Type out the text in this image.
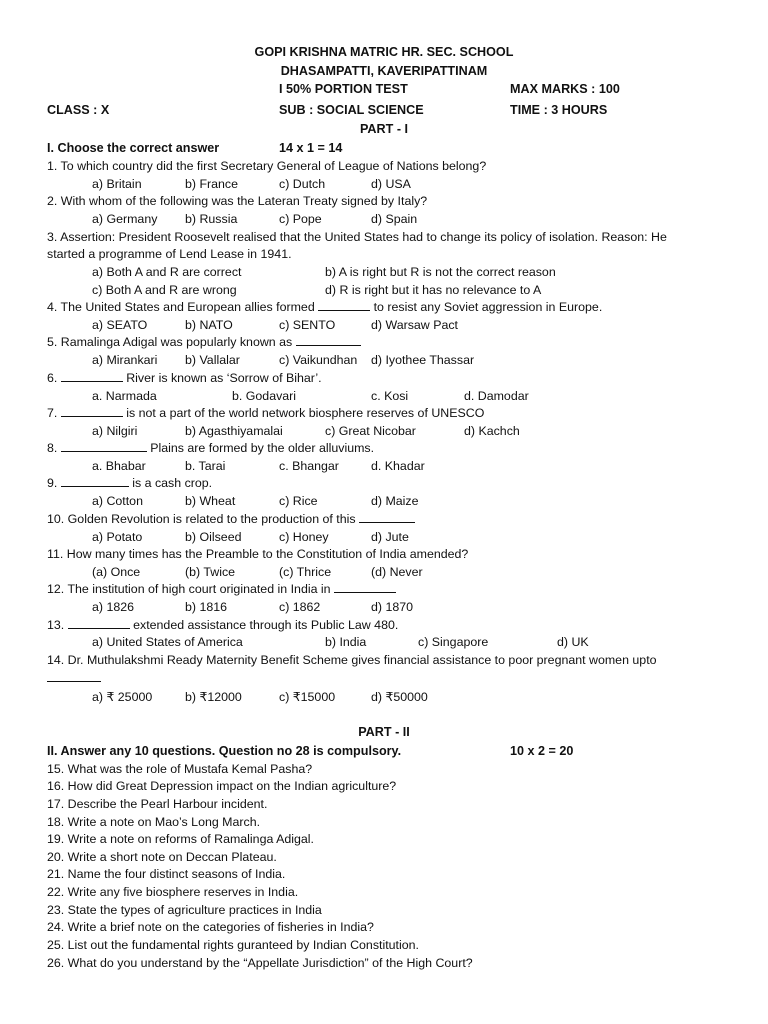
GOPI KRISHNA MATRIC HR. SEC. SCHOOL
DHASAMPATTI, KAVERIPATTINAM
I 50% PORTION TEST	MAX MARKS : 100
CLASS : X	SUB : SOCIAL SCIENCE	TIME : 3 HOURS
PART - I
I. Choose the correct answer	14 x 1 = 14
1. To which country did the first Secretary General of League of Nations belong?
a) Britain	b) France	c) Dutch	d) USA
2. With whom of the following was the Lateran Treaty signed by Italy?
a) Germany b) Russia	c) Pope	d) Spain
3. Assertion: President Roosevelt realised that the United States had to change its policy of isolation. Reason: He
started a programme of Lend Lease in 1941.
a) Both A and R are correct	b) A is right but R is not the correct reason
c) Both A and R are wrong	d) R is right but it has no relevance to A
4. The United States and European allies formed	to resist any Soviet aggression in Europe.
a) SEATO	b) NATO	c) SENTO	d) Warsaw Pact
5. Ramalinga Adigal was popularly known as
a) Mirankari b) Vallalar	c) Vaikundhan d) Iyothee Thassar
6.	River is known as ‘Sorrow of Bihar’.
a. Narmada	b. Godavari	c. Kosi	d. Damodar
7.	is not a part of the world network biosphere reserves of UNESCO
a) Nilgiri	b) Agasthiyamalai	c) Great Nicobar	d) Kachch
8.	Plains are formed by the older alluviums.
a. Bhabar	b. Tarai	c. Bhangar	d. Khadar
9.	is a cash crop.
a) Cotton	b) Wheat	c) Rice	d) Maize
10. Golden Revolution is related to the production of this
a) Potato	b) Oilseed	c) Honey	d) Jute
11. How many times has the Preamble to the Constitution of India amended?
(a) Once	(b) Twice	(c) Thrice	(d) Never
12. The institution of high court originated in India in
a) 1826	b) 1816	c) 1862	d) 1870
13.	extended assistance through its Public Law 480.
a) United States of America	b) India	c) Singapore	d) UK
14. Dr. Muthulakshmi Ready Maternity Benefit Scheme gives financial assistance to poor pregnant women upto
a) ₹ 25000	b) ₹12000	c) ₹15000	d) ₹50000
PART - II
II. Answer any 10 questions. Question no 28 is compulsory.	10 x 2 = 20
15. What was the role of Mustafa Kemal Pasha?
16. How did Great Depression impact on the Indian agriculture?
17. Describe the Pearl Harbour incident.
18. Write a note on Mao’s Long March.
19. Write a note on reforms of Ramalinga Adigal.
20. Write a short note on Deccan Plateau.
21. Name the four distinct seasons of India.
22. Write any five biosphere reserves in India.
23. State the types of agriculture practices in India
24. Write a brief note on the categories of fisheries in India?
25. List out the fundamental rights guranteed by Indian Constitution.
26. What do you understand by the “Appellate Jurisdiction” of the High Court?
